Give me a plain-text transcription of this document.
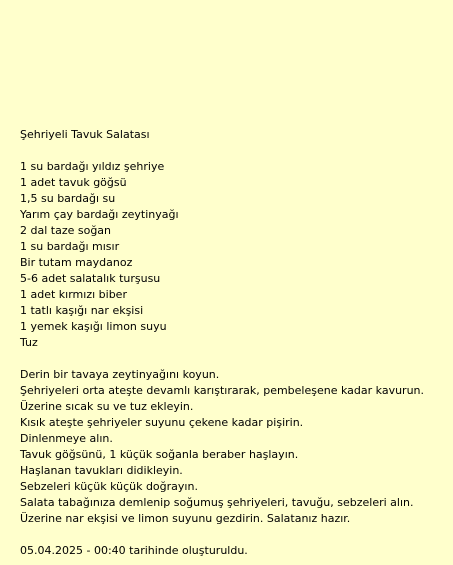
Şehriyeli Tavuk Salatası
1 su bardağı yıldız şehriye
1 adet tavuk göğsü
1,5 su bardağı su
Yarım çay bardağı zeytinyağı
2 dal taze soğan
1 su bardağı mısır
Bir tutam maydanoz
5-6 adet salatalık turşusu
1 adet kırmızı biber
1 tatlı kaşığı nar ekşisi
1 yemek kaşığı limon suyu
Tuz
Derin bir tavaya zeytinyağını koyun.
Şehriyeleri orta ateşte devamlı karıştırarak, pembeleşene kadar kavurun.
Üzerine sıcak su ve tuz ekleyin.
Kısık ateşte şehriyeler suyunu çekene kadar pişirin.
Dinlenmeye alın.
Tavuk göğsünü, 1 küçük soğanla beraber haşlayın.
Haşlanan tavukları didikleyin.
Sebzeleri küçük küçük doğrayın.
Salata tabağınıza demlenip soğumuş şehriyeleri, tavuğu, sebzeleri alın.
Üzerine nar ekşisi ve limon suyunu gezdirin. Salatanız hazır.
05.04.2025 - 00:40 tarihinde oluşturuldu.
